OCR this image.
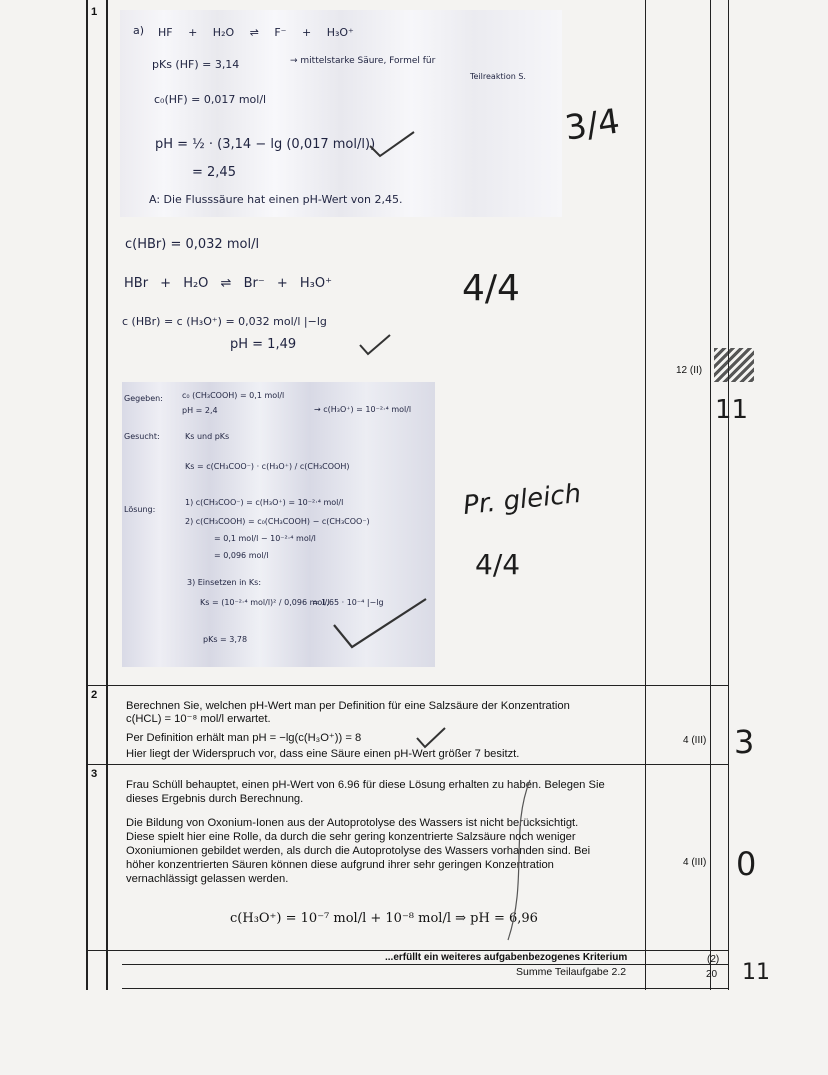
1
2
3
a) HF + H₂O ⇌ F⁻ + H₃O⁺
pKs (HF) = 3,14	→ mittelstarke Säure, Formel für
Teilreaktion S.
c₀(HF) = 0,017 mol/l
pH = ½ · (3,14 − lg (0,017 mol/l))
= 2,45
A: Die Flusssäure hat einen pH-Wert von 2,45.
3/4
c(HBr) = 0,032 mol/l
HBr + H₂O ⇌ Br⁻ + H₃O⁺
c (HBr) = c (H₃O⁺) = 0,032 mol/l |−lg
pH = 1,49
4/4
Gegeben: c₀ (CH₃COOH) = 0,1 mol/l
pH = 2,4	→ c(H₃O⁺) = 10⁻²·⁴ mol/l
Gesucht:	Ks und pKs
Ks = c(CH₃COO⁻) · c(H₃O⁺) / c(CH₃COOH)
Lösung:
1) c(CH₃COO⁻) = c(H₃O⁺) = 10⁻²·⁴ mol/l
2) c(CH₃COOH) = c₀(CH₃COOH) − c(CH₃COO⁻)
= 0,1 mol/l − 10⁻²·⁴ mol/l
= 0,096 mol/l
3) Einsetzen in Ks:
Ks = (10⁻²·⁴ mol/l)² / 0,096 mol/l
= 1,65 · 10⁻⁴ |−lg
pKs = 3,78
Pr. gleich
4/4
12 (II)
11
Berechnen Sie, welchen pH-Wert man per Definition für eine Salzsäure der Konzentration
c(HCL) = 10⁻⁸ mol/l erwartet.
Per Definition erhält man pH = −lg(c(H₃O⁺)) = 8
Hier liegt der Widerspruch vor, dass eine Säure einen pH-Wert größer 7 besitzt.
4 (III) 3
Frau Schüll behauptet, einen pH-Wert von 6.96 für diese Lösung erhalten zu haben. Belegen Sie
dieses Ergebnis durch Berechnung.
Die Bildung von Oxonium-Ionen aus der Autoprotolyse des Wassers ist nicht berücksichtigt.
Diese spielt hier eine Rolle, da durch die sehr gering konzentrierte Salzsäure noch weniger
Oxoniumionen gebildet werden, als durch die Autoprotolyse des Wassers vorhanden sind. Bei
höher konzentrierten Säuren können diese aufgrund ihrer sehr geringen Konzentration
vernachlässigt gelassen werden.
c(H₃O⁺) = 10⁻⁷ mol/l + 10⁻⁸ mol/l ⇒ pH = 6,96
4 (III) 0
...erfüllt ein weiteres aufgabenbezogenes Kriterium	(2)
Summe Teilaufgabe 2.2	20 11
